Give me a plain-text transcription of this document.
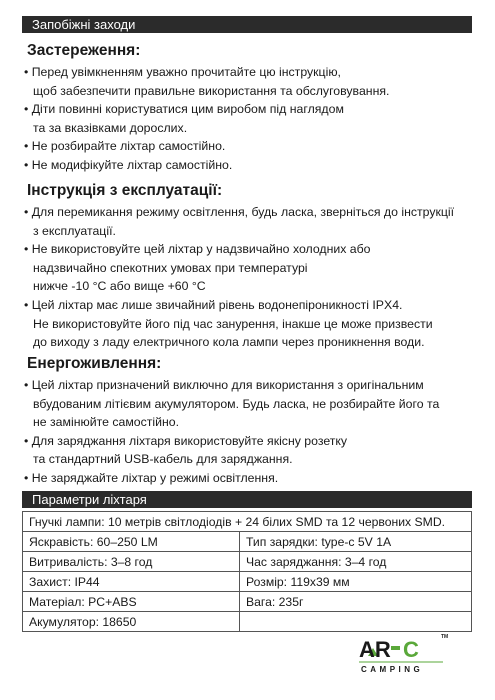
Запобіжні заходи
Застереження:
• Перед увімкненням уважно прочитайте цю інструкцію,
щоб забезпечити правильне використання та обслуговування.
• Діти повинні користуватися цим виробом під наглядом
та за вказівками дорослих.
• Не розбирайте ліхтар самостійно.
• Не модифікуйте ліхтар самостійно.
Інструкція з експлуатації:
• Для перемикання режиму освітлення, будь ласка, зверніться до інструкції
з експлуатації.
• Не використовуйте цей ліхтар у надзвичайно холодних або
надзвичайно спекотних умовах при температурі
нижче -10 °С або вище +60 °С
• Цей ліхтар має лише звичайний рівень водонепіроникності IPX4.
Не використовуйте його під час занурення, інакше це може призвести
до виходу з ладу електричного кола лампи через проникнення води.
Енергоживлення:
• Цей ліхтар призначений виключно для використання з оригінальним
вбудованим літієвим акумулятором. Будь ласка, не розбирайте його та
не замінюйте самостійно.
• Для заряджання ліхтаря використовуйте якісну розетку
та стандартний USB-кабель для заряджання.
• Не заряджайте ліхтар у режимі освітлення.
Параметри ліхтаря
Гнучкі лампи: 10 метрів світлодіодів + 24 білих SMD та 12 червоних SMD.	
Яскравість: 60–250 LM	Тип зарядки: type-c 5V 1A
Витривалість: 3–8 год	Час заряджання: 3–4 год
Захист: IP44	Розмір: 119х39 мм
Матеріал: PC+ABS	Вага: 235г
Акумулятор: 18650	
AR C	TM
CAMPING
